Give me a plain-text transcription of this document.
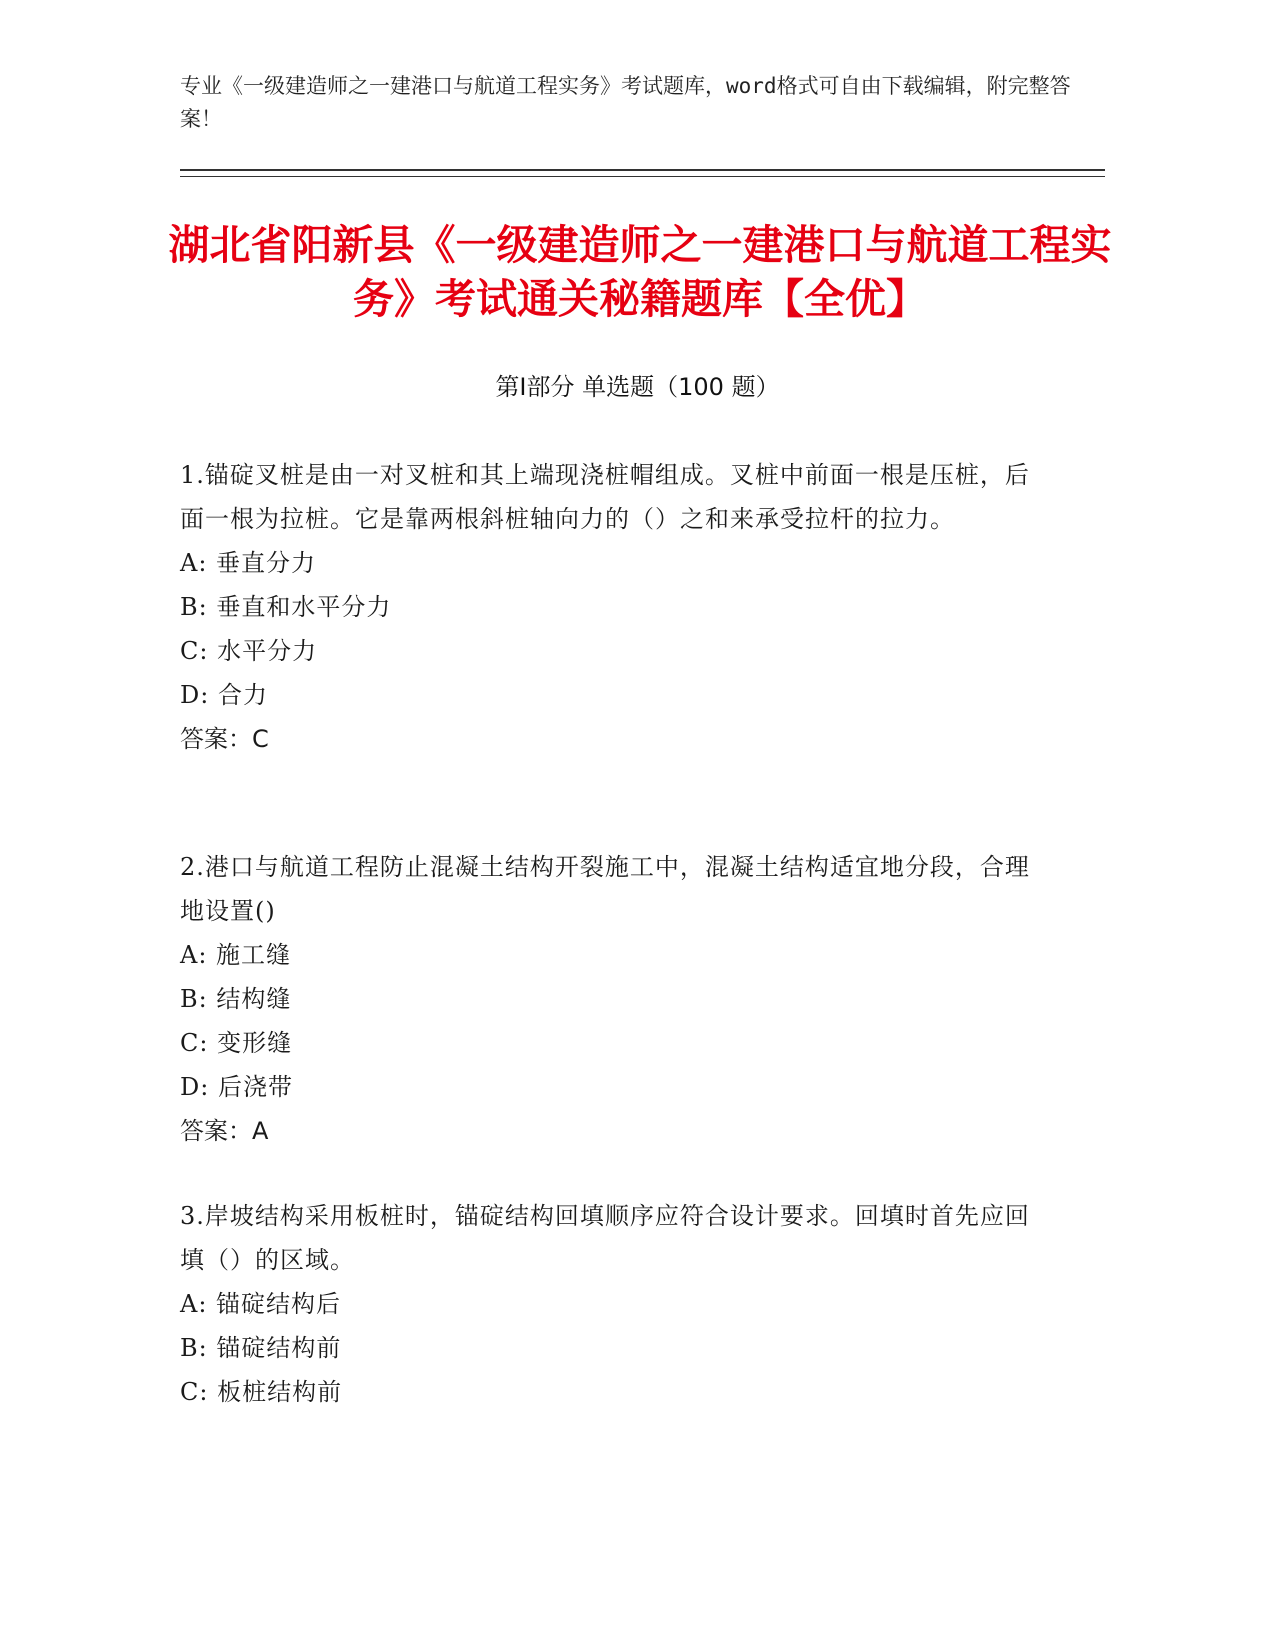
专业《一级建造师之一建港口与航道工程实务》考试题库，word格式可自由下载编辑，附完整答案！
湖北省阳新县《一级建造师之一建港口与航道工程实务》考试通关秘籍题库【全优】
第Ⅰ部分 单选题（100 题）

1.锚碇叉桩是由一对叉桩和其上端现浇桩帽组成。叉桩中前面一根是压桩，后面一根为拉桩。它是靠两根斜桩轴向力的（）之和来承受拉杆的拉力。

A: 垂直分力

B: 垂直和水平分力

C: 水平分力

D: 合力

答案：C

2.港口与航道工程防止混凝土结构开裂施工中，混凝土结构适宜地分段，合理地设置()

A: 施工缝

B: 结构缝

C: 变形缝

D: 后浇带

答案：A

3.岸坡结构采用板桩时，锚碇结构回填顺序应符合设计要求。回填时首先应回填（）的区域。

A: 锚碇结构后

B: 锚碇结构前

C: 板桩结构前
